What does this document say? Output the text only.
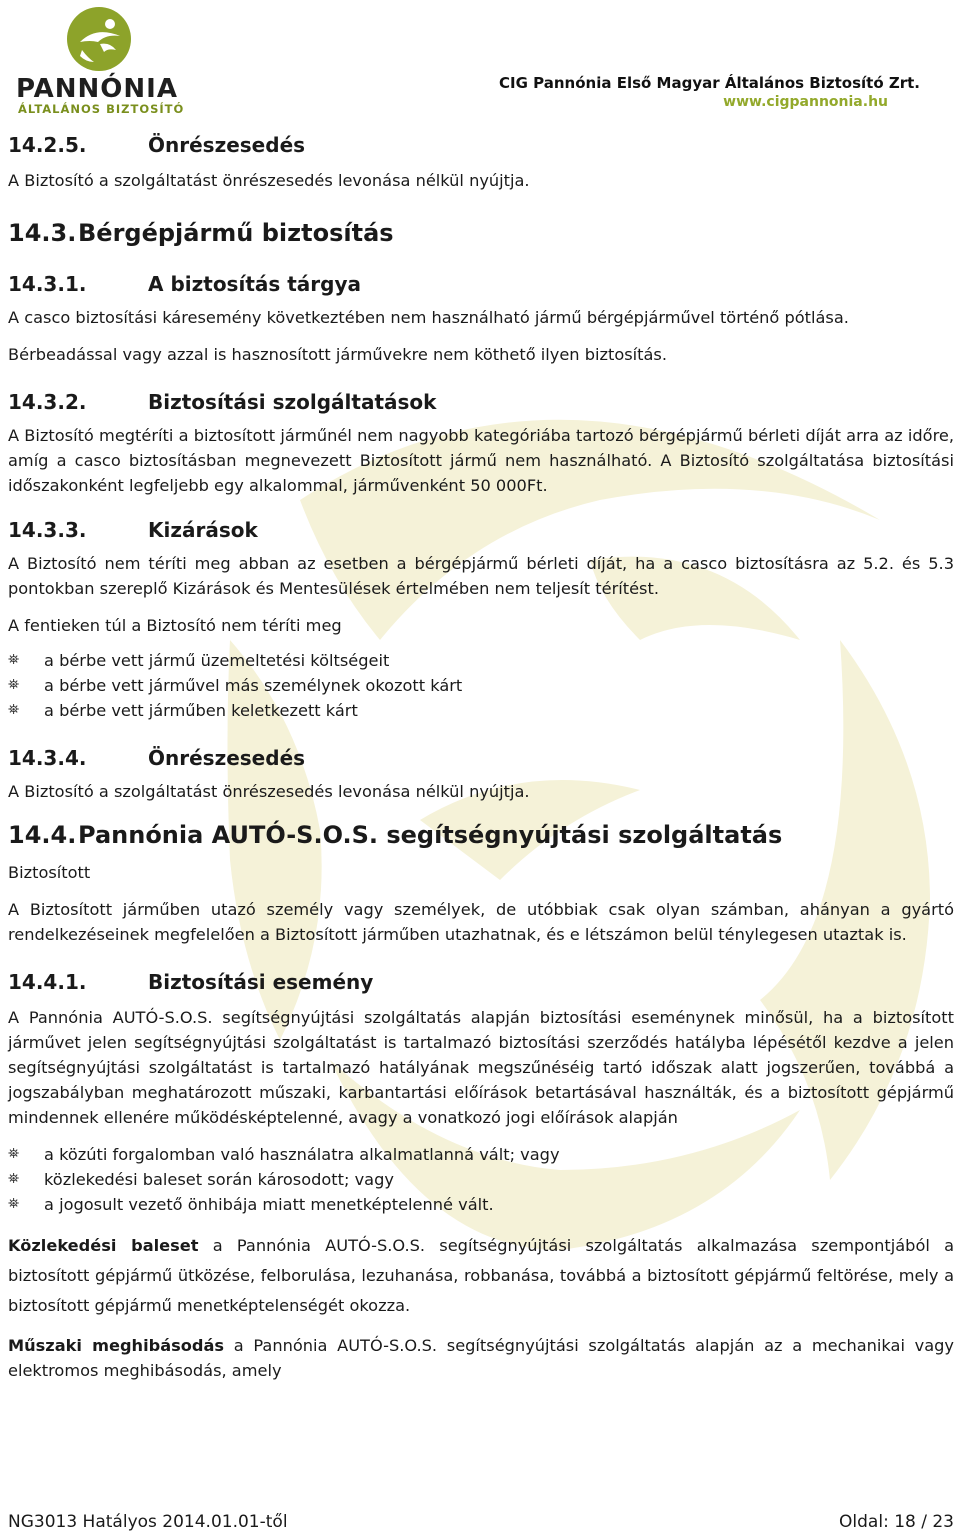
PANNÓNIA
ÁLTALÁNOS BIZTOSÍTÓ
CIG Pannónia Első Magyar Általános Biztosító Zrt.
www.cigpannonia.hu
14.2.5.	Önrészesedés

A Biztosító a szolgáltatást önrészesedés levonása nélkül nyújtja.

14.3.Bérgépjármű biztosítás
14.3.1.	A biztosítás tárgya

A casco biztosítási káresemény következtében nem használható jármű bérgépjárművel történő pótlása.

Bérbeadással vagy azzal is hasznosított járművekre nem köthető ilyen biztosítás.

14.3.2.	Biztosítási szolgáltatások

A Biztosító megtéríti a biztosított járműnél nem nagyobb kategóriába tartozó bérgépjármű bérleti díját arra az időre, amíg a casco biztosításban megnevezett Biztosított jármű nem használható. A Biztosító szolgáltatása biztosítási időszakonként legfeljebb egy alkalommal, járművenként 50 000Ft.

14.3.3.	Kizárások

A Biztosító nem téríti meg abban az esetben a bérgépjármű bérleti díját, ha a casco biztosításra az 5.2. és 5.3 pontokban szereplő Kizárások és Mentesülések értelmében nem teljesít térítést.

A fentieken túl a Biztosító nem téríti meg

⛯ a bérbe vett jármű üzemeltetési költségeit
⛯ a bérbe vett járművel más személynek okozott kárt
⛯ a bérbe vett járműben keletkezett kárt
14.3.4.	Önrészesedés

A Biztosító a szolgáltatást önrészesedés levonása nélkül nyújtja.

14.4.Pannónia AUTÓ-S.O.S. segítségnyújtási szolgáltatás

Biztosított

A Biztosított járműben utazó személy vagy személyek, de utóbbiak csak olyan számban, ahányan a gyártó rendelkezéseinek megfelelően a Biztosított járműben utazhatnak, és e létszámon belül ténylegesen utaztak is.

14.4.1.	Biztosítási esemény

A Pannónia AUTÓ-S.O.S. segítségnyújtási szolgáltatás alapján biztosítási eseménynek minősül, ha a biztosított járművet jelen segítségnyújtási szolgáltatást is tartalmazó biztosítási szerződés hatályba lépésétől kezdve a jelen segítségnyújtási szolgáltatást is tartalmazó hatályának megszűnéséig tartó időszak alatt jogszerűen, továbbá a jogszabályban meghatározott műszaki, karbantartási előírások betartásával használták, és a biztosított gépjármű mindennek ellenére működésképtelenné, avagy a vonatkozó jogi előírások alapján

⛯ a közúti forgalomban való használatra alkalmatlanná vált; vagy
⛯ közlekedési baleset során károsodott; vagy
⛯ a jogosult vezető önhibája miatt menetképtelenné vált.

Közlekedési baleset a Pannónia AUTÓ-S.O.S. segítségnyújtási szolgáltatás alkalmazása szempontjából a biztosított gépjármű ütközése, felborulása, lezuhanása, robbanása, továbbá a biztosított gépjármű feltörése, mely a biztosított gépjármű menetképtelenségét okozza.

Műszaki meghibásodás a Pannónia AUTÓ-S.O.S. segítségnyújtási szolgáltatás alapján az a mechanikai vagy elektromos meghibásodás, amely

NG3013 Hatályos 2014.01.01-től	Oldal: 18 / 23
